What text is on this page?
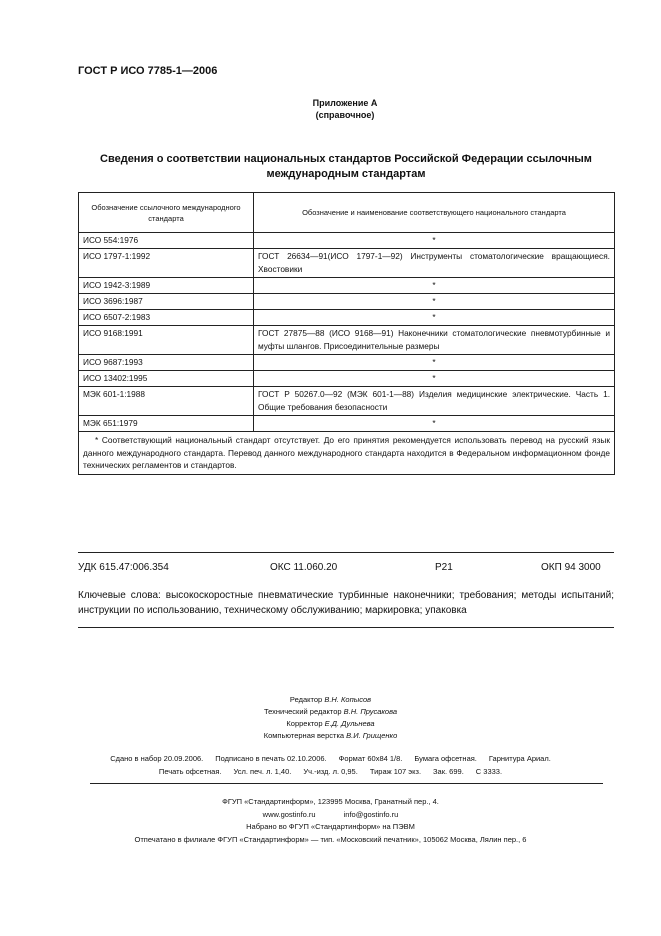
ГОСТ Р ИСО 7785-1—2006
Приложение А
(справочное)
Сведения о соответствии национальных стандартов Российской Федерации ссылочным международным стандартам
Обозначение ссылочного международного стандарта	Обозначение и наименование соответствующего национального стандарта
ИСО 554:1976	*
ИСО 1797-1:1992	ГОСТ 26634—91(ИСО 1797-1—92) Инструменты стоматологические вращающиеся. Хвостовики
ИСО 1942-3:1989	*
ИСО 3696:1987	*
ИСО 6507-2:1983	*
ИСО 9168:1991	ГОСТ 27875—88 (ИСО 9168—91) Наконечники стоматологические пневмотурбинные и муфты шлангов. Присоединительные размеры
ИСО 9687:1993	*
ИСО 13402:1995	*
МЭК 601-1:1988	ГОСТ Р 50267.0—92 (МЭК 601-1—88) Изделия медицинские электрические. Часть 1. Общие требования безопасности
МЭК 651:1979	*
* Соответствующий национальный стандарт отсутствует. До его принятия рекомендуется использовать перевод на русский язык данного международного стандарта. Перевод данного международного стандарта находится в Федеральном информационном фонде технических регламентов и стандартов.	
УДК 615.47:006.354	ОКС 11.060.20	Р21	ОКП 94 3000
Ключевые слова: высокоскоростные пневматические турбинные наконечники; требования; методы испытаний; инструкции по использованию, техническому обслуживанию; маркировка; упаковка
Редактор В.Н. Копысов
Технический редактор В.Н. Прусакова
Корректор Е.Д. Дульнева
Компьютерная верстка В.И. Грищенко
Сдано в набор 20.09.2006. Подписано в печать 02.10.2006. Формат 60x84 1/8. Бумага офсетная. Гарнитура Ариал.
Печать офсетная. Усл. печ. л. 1,40. Уч.-изд. л. 0,95. Тираж 107 экз. Зак. 699. С 3333.
ФГУП «Стандартинформ», 123995 Москва, Гранатный пер., 4.
www.gostinfo.ru	info@gostinfo.ru
Набрано во ФГУП «Стандартинформ» на ПЭВМ
Отпечатано в филиале ФГУП «Стандартинформ» — тип. «Московский печатник», 105062 Москва, Лялин пер., 6
